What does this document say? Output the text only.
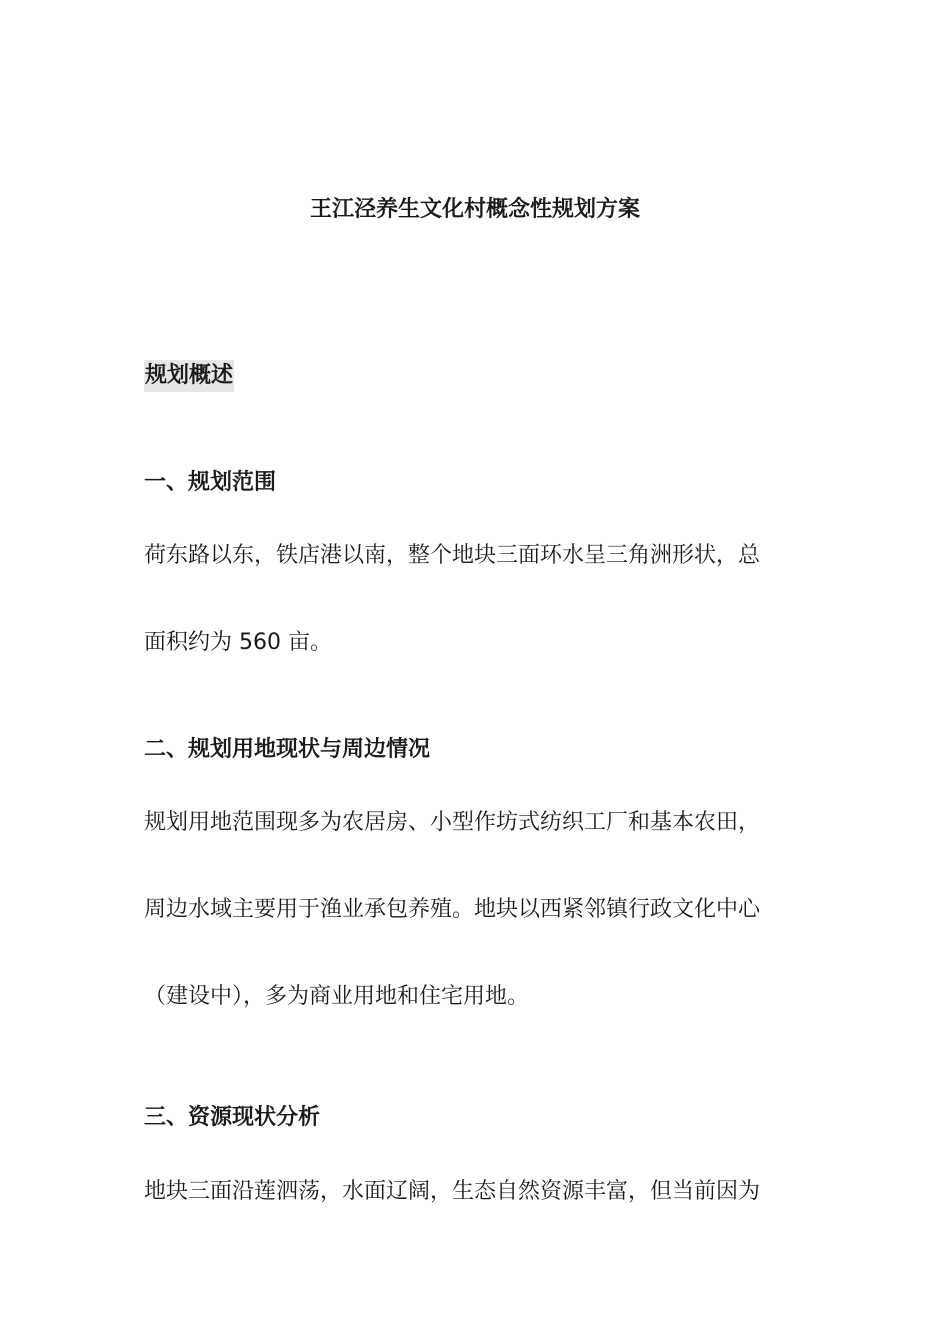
王江泾养生文化村概念性规划方案
规划概述
一、规划范围
荷东路以东，铁店港以南，整个地块三面环水呈三角洲形状，总
面积约为 560 亩。
二、规划用地现状与周边情况
规划用地范围现多为农居房、小型作坊式纺织工厂和基本农田，
周边水域主要用于渔业承包养殖。地块以西紧邻镇行政文化中心
（建设中），多为商业用地和住宅用地。
三、资源现状分析
地块三面沿莲泗荡，水面辽阔，生态自然资源丰富，但当前因为
